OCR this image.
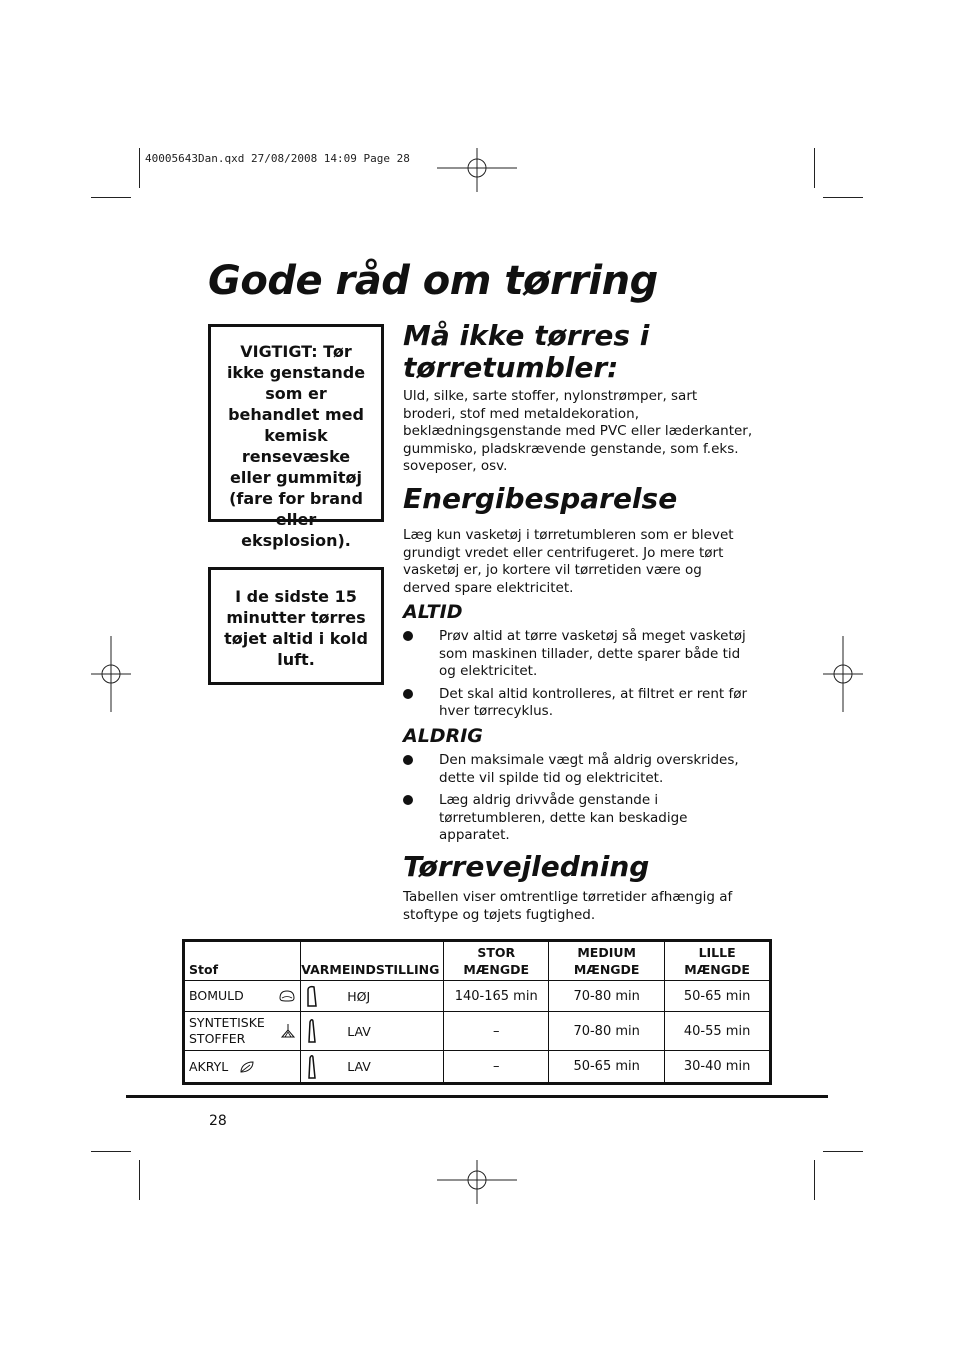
40005643Dan.qxd 27/08/2008 14:09 Page 28
Gode råd om tørring
VIGTIGT: Tør ikke genstande som er behandlet med kemisk rensevæske eller gummitøj (fare for brand eller eksplosion).
I de sidste 15 minutter tørres tøjet altid i kold luft.
Må ikke tørres i tørretumbler:

Uld, silke, sarte stoffer, nylonstrømper, sart broderi, stof med metaldekoration, beklædningsgenstande med PVC eller læderkanter, gummisko, pladskrævende genstande, som f.eks. soveposer, osv.

Energibesparelse

Læg kun vasketøj i tørretumbleren som er blevet grundigt vredet eller centrifugeret. Jo mere tørt vasketøj er, jo kortere vil tørretiden være og derved spare elektricitet.

ALTID
Prøv altid at tørre vasketøj så meget vasketøj som maskinen tillader, dette sparer både tid og elektricitet.
Det skal altid kontrolleres, at filtret er rent før hver tørrecyklus.
ALDRIG
Den maksimale vægt må aldrig overskrides, dette vil spilde tid og elektricitet.
Læg aldrig drivvåde genstande i tørretumbleren, dette kan beskadige apparatet.
Tørrevejledning

Tabellen viser omtrentlige tørretider afhængig af stoftype og tøjets fugtighed.

Stof	VARMEINDSTILLING	STOR MÆNGDE	MEDIUM MÆNGDE	LILLE MÆNGDE

BOMULD	HØJ	140-165 min	70-80 min	50-65 min

SYNTETISKE STOFFER	LAV	–	70-80 min	40-55 min

AKRYL	LAV	–	50-65 min	30-40 min
28
